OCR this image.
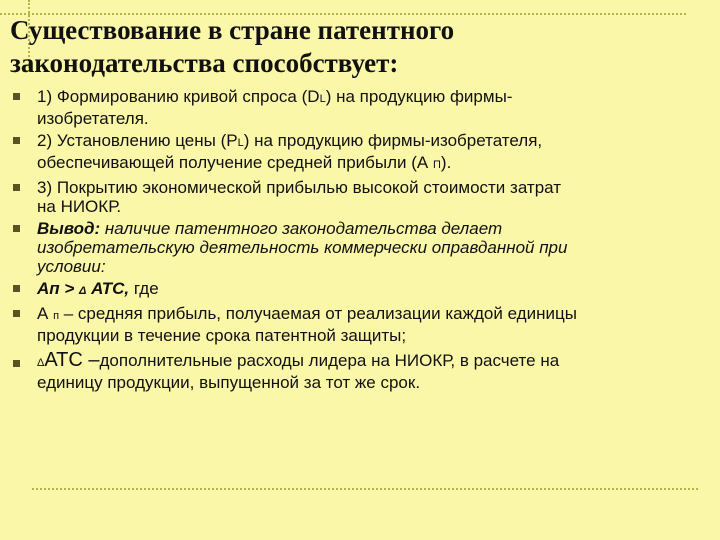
Существование в стране патентного
законодательства способствует:
1) Формированию кривой спроса (DL) на продукцию фирмы-
изобретателя.
2) Установлению цены (PL) на продукцию фирмы-изобретателя,
обеспечивающей получение средней прибыли (А П).
3) Покрытию экономической прибылью высокой стоимости затрат
на НИОКР.
Вывод: наличие патентного законодательства делает
изобретательскую деятельность коммерчески оправданной при
условии:
Ап > Δ АТС, где
А п – средняя прибыль, получаемая от реализации каждой единицы
продукции в течение срока патентной защиты;
ΔАТС –дополнительные расходы лидера на НИОКР, в расчете на
единицу продукции, выпущенной за тот же срок.
